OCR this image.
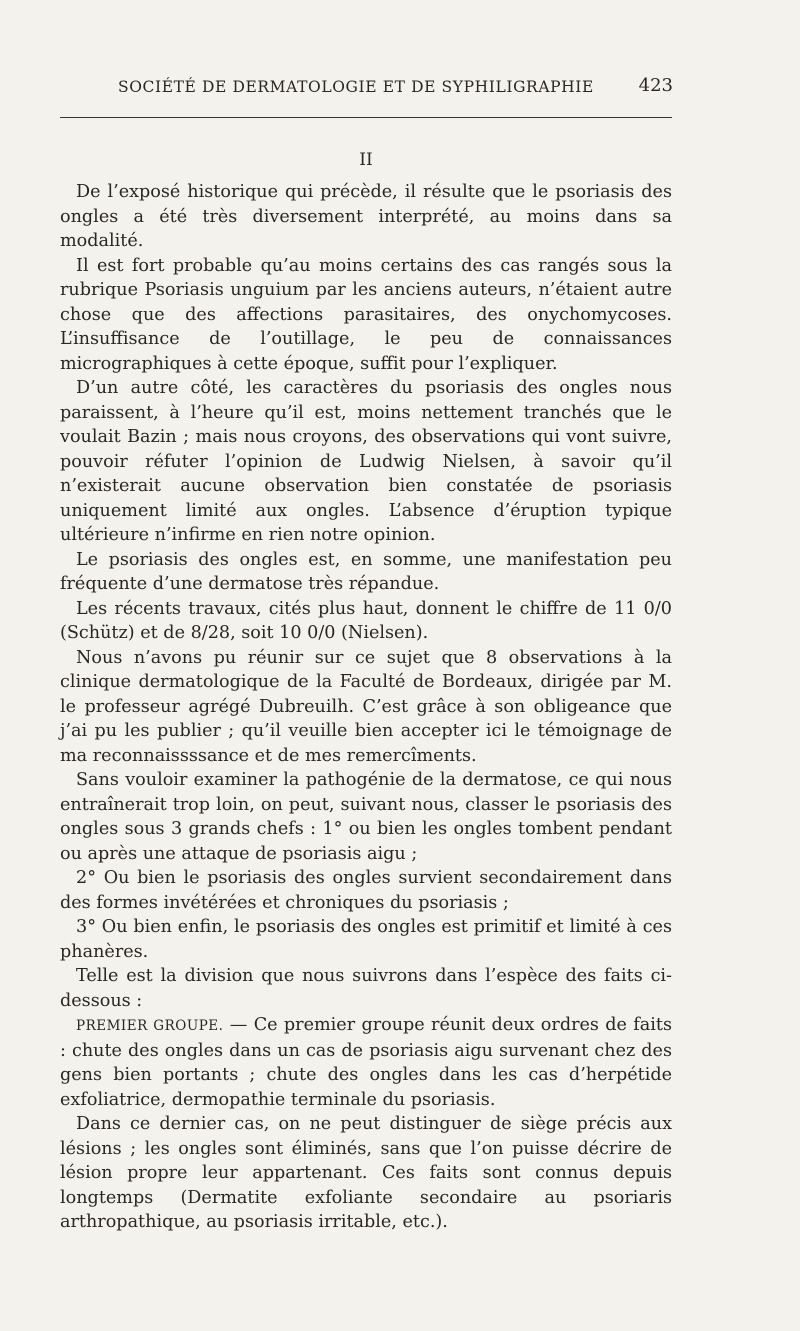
SOCIÉTÉ DE DERMATOLOGIE ET DE SYPHILIGRAPHIE 423
II

De l’exposé historique qui précède, il résulte que le psoriasis des ongles a été très diversement interprété, au moins dans sa modalité.

Il est fort probable qu’au moins certains des cas rangés sous la rubrique Psoriasis unguium par les anciens auteurs, n’étaient autre chose que des affections parasitaires, des onychomycoses. L’insuffisance de l’outillage, le peu de connaissances micrographiques à cette époque, suffit pour l’expliquer.

D’un autre côté, les caractères du psoriasis des ongles nous paraissent, à l’heure qu’il est, moins nettement tranchés que le voulait Bazin ; mais nous croyons, des observations qui vont suivre, pouvoir réfuter l’opinion de Ludwig Nielsen, à savoir qu’il n’existerait aucune observation bien constatée de psoriasis uniquement limité aux ongles. L’absence d’éruption typique ultérieure n’infirme en rien notre opinion.

Le psoriasis des ongles est, en somme, une manifestation peu fréquente d’une dermatose très répandue.

Les récents travaux, cités plus haut, donnent le chiffre de 11 0/0 (Schütz) et de 8/28, soit 10 0/0 (Nielsen).

Nous n’avons pu réunir sur ce sujet que 8 observations à la clinique dermatologique de la Faculté de Bordeaux, dirigée par M. le professeur agrégé Dubreuilh. C’est grâce à son obligeance que j’ai pu les publier ; qu’il veuille bien accepter ici le témoignage de ma reconnaissssance et de mes remercîments.

Sans vouloir examiner la pathogénie de la dermatose, ce qui nous entraînerait trop loin, on peut, suivant nous, classer le psoriasis des ongles sous 3 grands chefs : 1° ou bien les ongles tombent pendant ou après une attaque de psoriasis aigu ;

2° Ou bien le psoriasis des ongles survient secondairement dans des formes invétérées et chroniques du psoriasis ;

3° Ou bien enfin, le psoriasis des ongles est primitif et limité à ces phanères.

Telle est la division que nous suivrons dans l’espèce des faits ci-dessous :

PREMIER GROUPE. — Ce premier groupe réunit deux ordres de faits : chute des ongles dans un cas de psoriasis aigu survenant chez des gens bien portants ; chute des ongles dans les cas d’herpétide exfoliatrice, dermopathie terminale du psoriasis.

Dans ce dernier cas, on ne peut distinguer de siège précis aux lésions ; les ongles sont éliminés, sans que l’on puisse décrire de lésion propre leur appartenant. Ces faits sont connus depuis longtemps (Dermatite exfoliante secondaire au psoriaris arthropathique, au psoriasis irritable, etc.).
